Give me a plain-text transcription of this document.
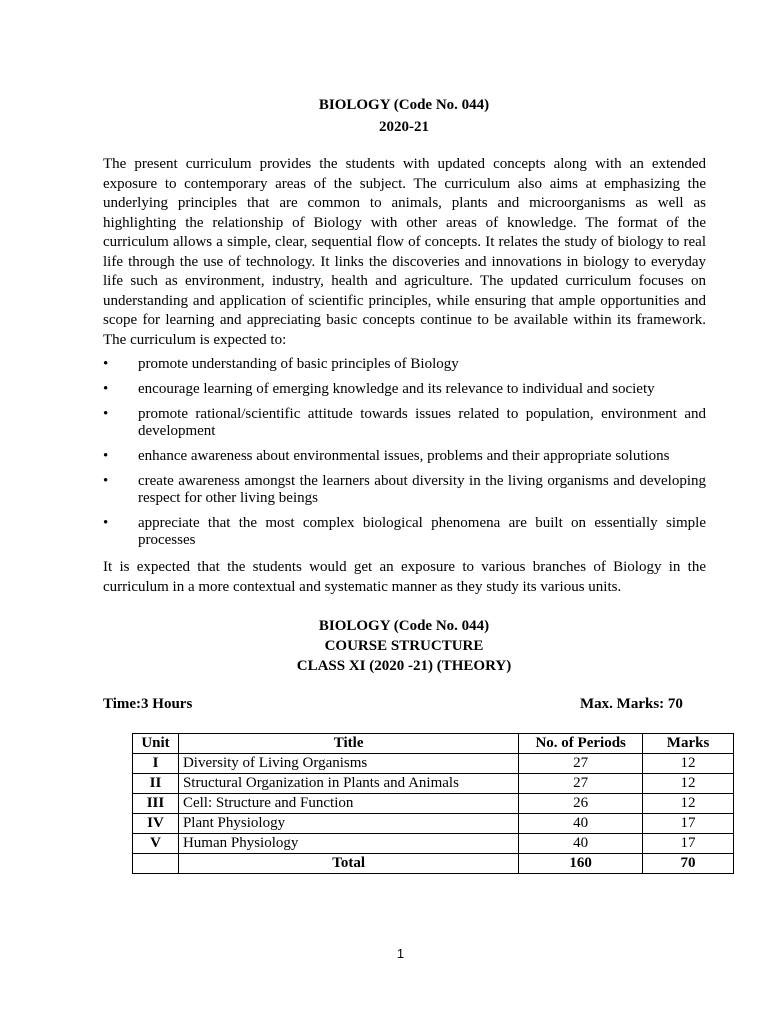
BIOLOGY (Code No. 044)
2020-21

The present curriculum provides the students with updated concepts along with an extended exposure to contemporary areas of the subject. The curriculum also aims at emphasizing the underlying principles that are common to animals, plants and microorganisms as well as highlighting the relationship of Biology with other areas of knowledge. The format of the curriculum allows a simple, clear, sequential flow of concepts. It relates the study of biology to real life through the use of technology. It links the discoveries and innovations in biology to everyday life such as environment, industry, health and agriculture. The updated curriculum focuses on understanding and application of scientific principles, while ensuring that ample opportunities and scope for learning and appreciating basic concepts continue to be available within its framework. The curriculum is expected to:

• promote understanding of basic principles of Biology
• encourage learning of emerging knowledge and its relevance to individual and society
• promote rational/scientific attitude towards issues related to population, environment and development
• enhance awareness about environmental issues, problems and their appropriate solutions
• create awareness amongst the learners about diversity in the living organisms and developing respect for other living beings
• appreciate that the most complex biological phenomena are built on essentially simple processes

It is expected that the students would get an exposure to various branches of Biology in the curriculum in a more contextual and systematic manner as they study its various units.

BIOLOGY (Code No. 044)
COURSE STRUCTURE
CLASS XI (2020 -21) (THEORY)
Time:3 Hours	Max. Marks: 70
Unit	Title	No. of Periods	Marks
I	Diversity of Living Organisms	27	12
II	Structural Organization in Plants and Animals	27	12
III	Cell: Structure and Function	26	12
IV	Plant Physiology	40	17
V	Human Physiology	40	17
	Total	160	70
1
